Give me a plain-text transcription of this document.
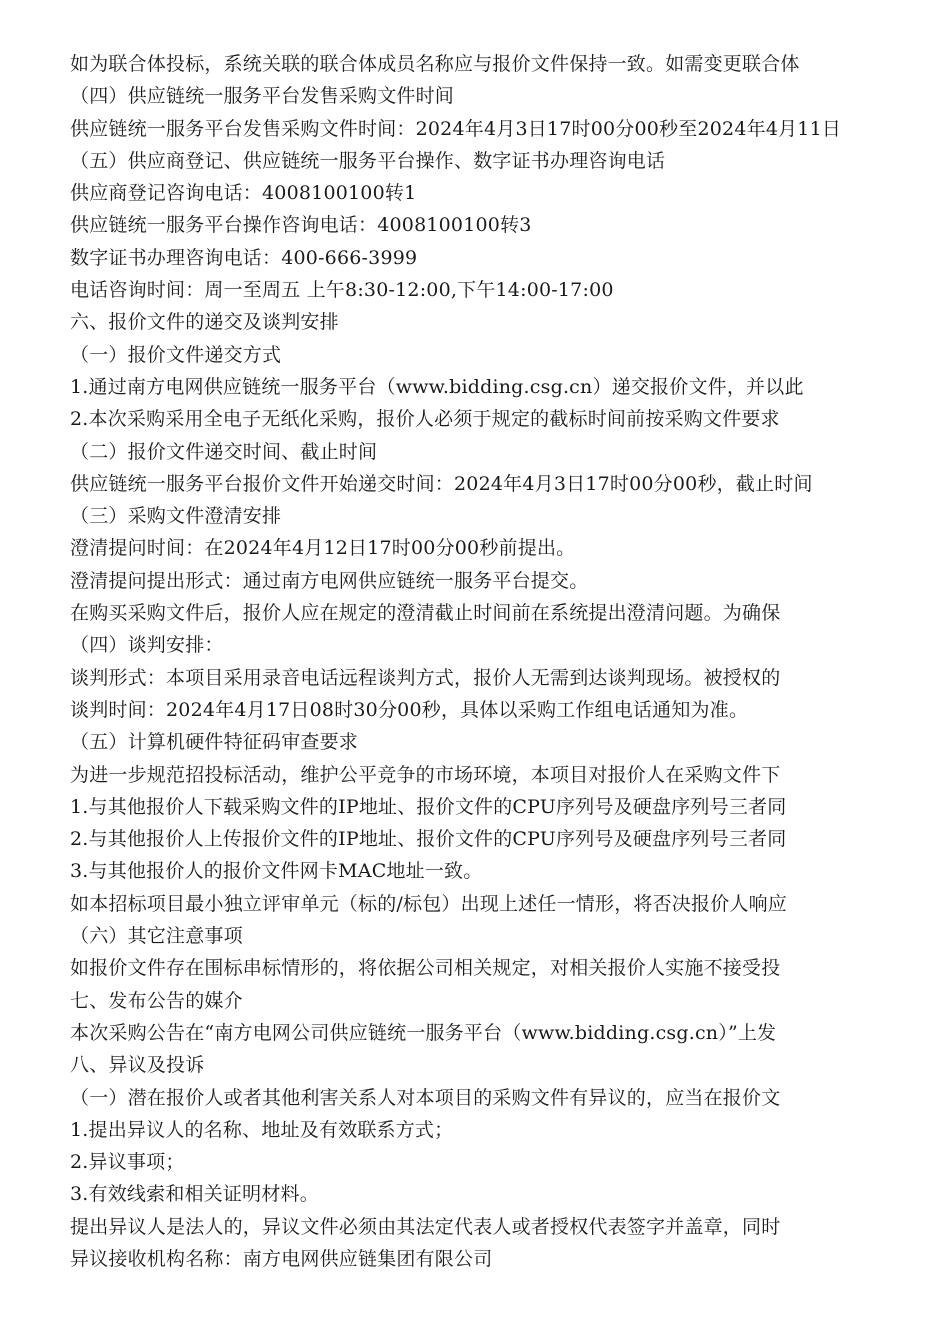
如为联合体投标，系统关联的联合体成员名称应与报价文件保持一致。如需变更联合体
（四）供应链统一服务平台发售采购文件时间
供应链统一服务平台发售采购文件时间：2024年4月3日17时00分00秒至2024年4月11日
（五）供应商登记、供应链统一服务平台操作、数字证书办理咨询电话
供应商登记咨询电话：4008100100转1
供应链统一服务平台操作咨询电话：4008100100转3
数字证书办理咨询电话：400-666-3999
电话咨询时间：周一至周五 上午8:30-12:00,下午14:00-17:00
六、报价文件的递交及谈判安排
（一）报价文件递交方式
1.通过南方电网供应链统一服务平台（www.bidding.csg.cn）递交报价文件，并以此
2.本次采购采用全电子无纸化采购，报价人必须于规定的截标时间前按采购文件要求
（二）报价文件递交时间、截止时间
供应链统一服务平台报价文件开始递交时间：2024年4月3日17时00分00秒，截止时间
（三）采购文件澄清安排
澄清提问时间：在2024年4月12日17时00分00秒前提出。
澄清提问提出形式：通过南方电网供应链统一服务平台提交。
在购买采购文件后，报价人应在规定的澄清截止时间前在系统提出澄清问题。为确保
（四）谈判安排：
谈判形式：本项目采用录音电话远程谈判方式，报价人无需到达谈判现场。被授权的
谈判时间：2024年4月17日08时30分00秒，具体以采购工作组电话通知为准。
（五）计算机硬件特征码审查要求
为进一步规范招投标活动，维护公平竞争的市场环境，本项目对报价人在采购文件下
1.与其他报价人下载采购文件的IP地址、报价文件的CPU序列号及硬盘序列号三者同
2.与其他报价人上传报价文件的IP地址、报价文件的CPU序列号及硬盘序列号三者同
3.与其他报价人的报价文件网卡MAC地址一致。
如本招标项目最小独立评审单元（标的/标包）出现上述任一情形，将否决报价人响应
（六）其它注意事项
如报价文件存在围标串标情形的，将依据公司相关规定，对相关报价人实施不接受投
七、发布公告的媒介
本次采购公告在“南方电网公司供应链统一服务平台（www.bidding.csg.cn）”上发
八、异议及投诉
（一）潜在报价人或者其他利害关系人对本项目的采购文件有异议的，应当在报价文
1.提出异议人的名称、地址及有效联系方式；
2.异议事项；
3.有效线索和相关证明材料。
提出异议人是法人的，异议文件必须由其法定代表人或者授权代表签字并盖章，同时
异议接收机构名称：南方电网供应链集团有限公司
